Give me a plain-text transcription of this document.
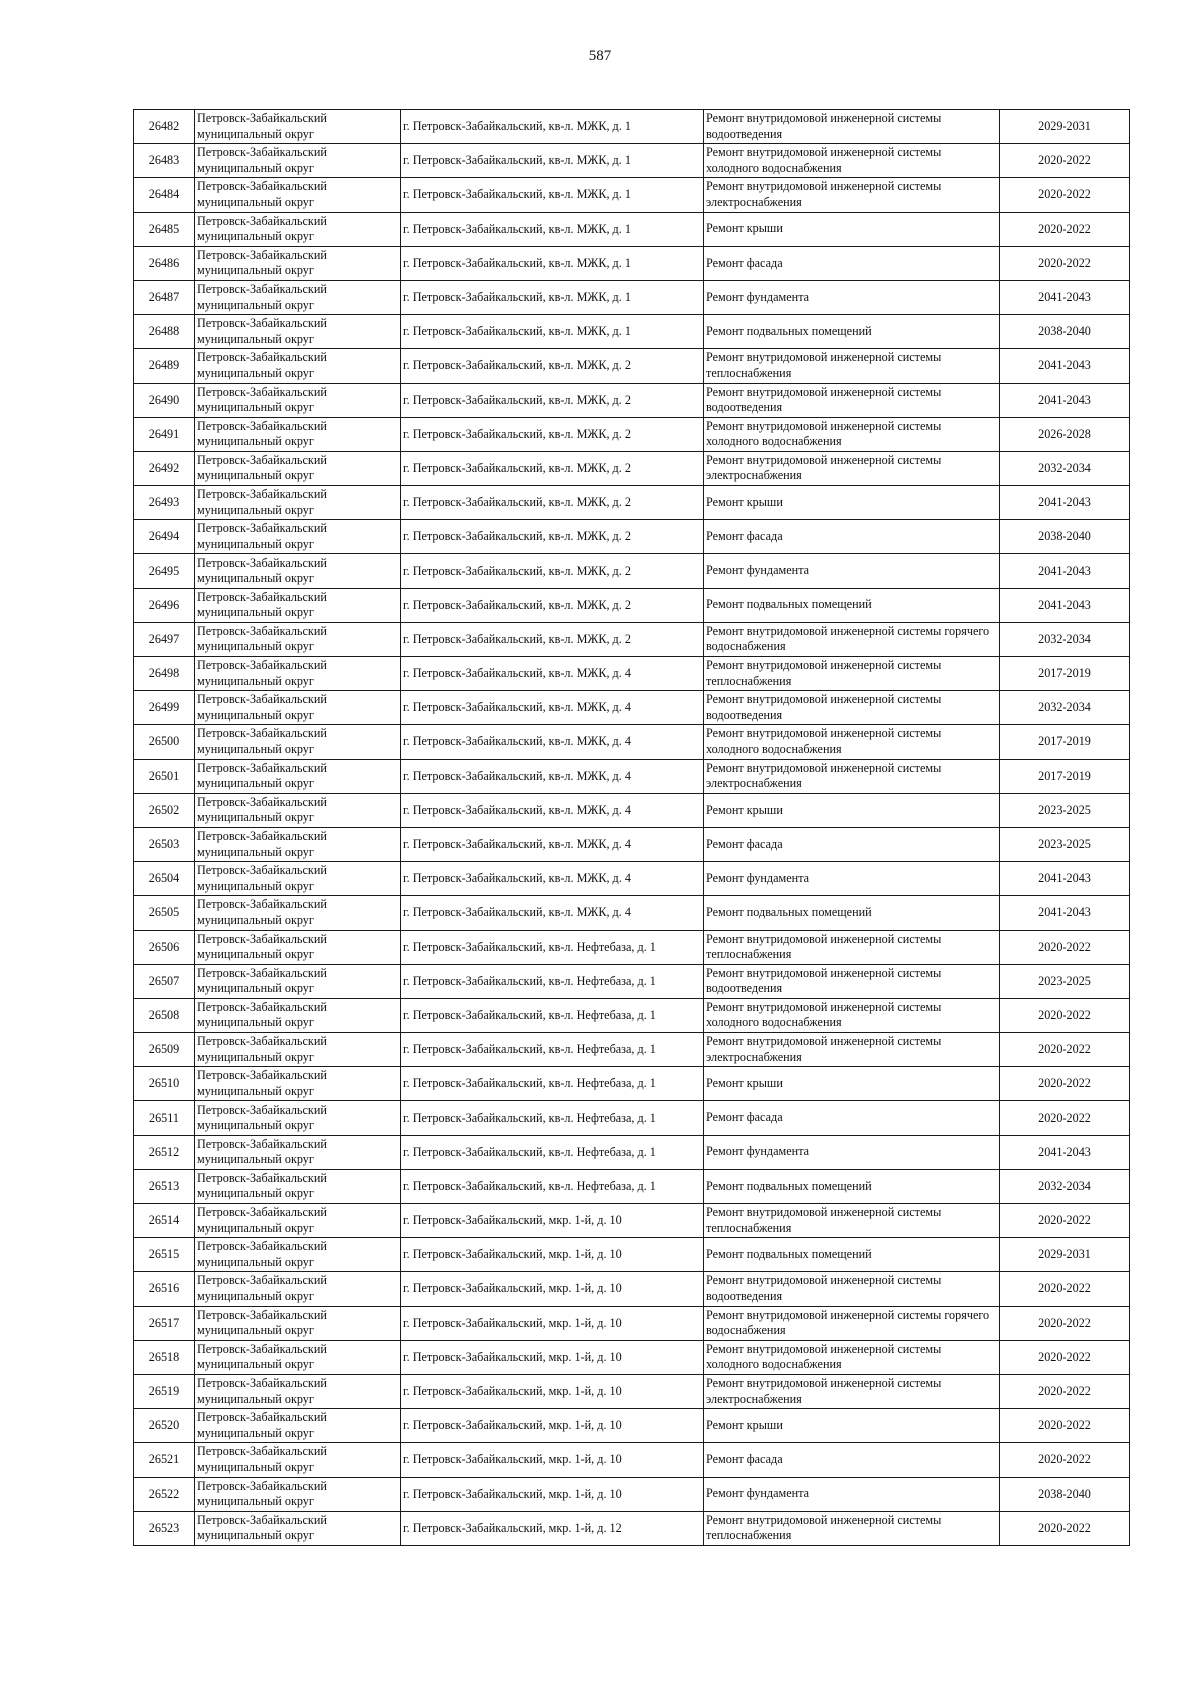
587
26482	Петровск-Забайкальский муниципальный округ	г. Петровск-Забайкальский, кв-л. МЖК, д. 1	Ремонт внутридомовой инженерной системы водоотведения	2029-2031
26483	Петровск-Забайкальский муниципальный округ	г. Петровск-Забайкальский, кв-л. МЖК, д. 1	Ремонт внутридомовой инженерной системы холодного водоснабжения	2020-2022
26484	Петровск-Забайкальский муниципальный округ	г. Петровск-Забайкальский, кв-л. МЖК, д. 1	Ремонт внутридомовой инженерной системы электроснабжения	2020-2022
26485	Петровск-Забайкальский муниципальный округ	г. Петровск-Забайкальский, кв-л. МЖК, д. 1	Ремонт крыши	2020-2022
26486	Петровск-Забайкальский муниципальный округ	г. Петровск-Забайкальский, кв-л. МЖК, д. 1	Ремонт фасада	2020-2022
26487	Петровск-Забайкальский муниципальный округ	г. Петровск-Забайкальский, кв-л. МЖК, д. 1	Ремонт фундамента	2041-2043
26488	Петровск-Забайкальский муниципальный округ	г. Петровск-Забайкальский, кв-л. МЖК, д. 1	Ремонт подвальных помещений	2038-2040
26489	Петровск-Забайкальский муниципальный округ	г. Петровск-Забайкальский, кв-л. МЖК, д. 2	Ремонт внутридомовой инженерной системы теплоснабжения	2041-2043
26490	Петровск-Забайкальский муниципальный округ	г. Петровск-Забайкальский, кв-л. МЖК, д. 2	Ремонт внутридомовой инженерной системы водоотведения	2041-2043
26491	Петровск-Забайкальский муниципальный округ	г. Петровск-Забайкальский, кв-л. МЖК, д. 2	Ремонт внутридомовой инженерной системы холодного водоснабжения	2026-2028
26492	Петровск-Забайкальский муниципальный округ	г. Петровск-Забайкальский, кв-л. МЖК, д. 2	Ремонт внутридомовой инженерной системы электроснабжения	2032-2034
26493	Петровск-Забайкальский муниципальный округ	г. Петровск-Забайкальский, кв-л. МЖК, д. 2	Ремонт крыши	2041-2043
26494	Петровск-Забайкальский муниципальный округ	г. Петровск-Забайкальский, кв-л. МЖК, д. 2	Ремонт фасада	2038-2040
26495	Петровск-Забайкальский муниципальный округ	г. Петровск-Забайкальский, кв-л. МЖК, д. 2	Ремонт фундамента	2041-2043
26496	Петровск-Забайкальский муниципальный округ	г. Петровск-Забайкальский, кв-л. МЖК, д. 2	Ремонт подвальных помещений	2041-2043
26497	Петровск-Забайкальский муниципальный округ	г. Петровск-Забайкальский, кв-л. МЖК, д. 2	Ремонт внутридомовой инженерной системы горячего водоснабжения	2032-2034
26498	Петровск-Забайкальский муниципальный округ	г. Петровск-Забайкальский, кв-л. МЖК, д. 4	Ремонт внутридомовой инженерной системы теплоснабжения	2017-2019
26499	Петровск-Забайкальский муниципальный округ	г. Петровск-Забайкальский, кв-л. МЖК, д. 4	Ремонт внутридомовой инженерной системы водоотведения	2032-2034
26500	Петровск-Забайкальский муниципальный округ	г. Петровск-Забайкальский, кв-л. МЖК, д. 4	Ремонт внутридомовой инженерной системы холодного водоснабжения	2017-2019
26501	Петровск-Забайкальский муниципальный округ	г. Петровск-Забайкальский, кв-л. МЖК, д. 4	Ремонт внутридомовой инженерной системы электроснабжения	2017-2019
26502	Петровск-Забайкальский муниципальный округ	г. Петровск-Забайкальский, кв-л. МЖК, д. 4	Ремонт крыши	2023-2025
26503	Петровск-Забайкальский муниципальный округ	г. Петровск-Забайкальский, кв-л. МЖК, д. 4	Ремонт фасада	2023-2025
26504	Петровск-Забайкальский муниципальный округ	г. Петровск-Забайкальский, кв-л. МЖК, д. 4	Ремонт фундамента	2041-2043
26505	Петровск-Забайкальский муниципальный округ	г. Петровск-Забайкальский, кв-л. МЖК, д. 4	Ремонт подвальных помещений	2041-2043
26506	Петровск-Забайкальский муниципальный округ	г. Петровск-Забайкальский, кв-л. Нефтебаза, д. 1	Ремонт внутридомовой инженерной системы теплоснабжения	2020-2022
26507	Петровск-Забайкальский муниципальный округ	г. Петровск-Забайкальский, кв-л. Нефтебаза, д. 1	Ремонт внутридомовой инженерной системы водоотведения	2023-2025
26508	Петровск-Забайкальский муниципальный округ	г. Петровск-Забайкальский, кв-л. Нефтебаза, д. 1	Ремонт внутридомовой инженерной системы холодного водоснабжения	2020-2022
26509	Петровск-Забайкальский муниципальный округ	г. Петровск-Забайкальский, кв-л. Нефтебаза, д. 1	Ремонт внутридомовой инженерной системы электроснабжения	2020-2022
26510	Петровск-Забайкальский муниципальный округ	г. Петровск-Забайкальский, кв-л. Нефтебаза, д. 1	Ремонт крыши	2020-2022
26511	Петровск-Забайкальский муниципальный округ	г. Петровск-Забайкальский, кв-л. Нефтебаза, д. 1	Ремонт фасада	2020-2022
26512	Петровск-Забайкальский муниципальный округ	г. Петровск-Забайкальский, кв-л. Нефтебаза, д. 1	Ремонт фундамента	2041-2043
26513	Петровск-Забайкальский муниципальный округ	г. Петровск-Забайкальский, кв-л. Нефтебаза, д. 1	Ремонт подвальных помещений	2032-2034
26514	Петровск-Забайкальский муниципальный округ	г. Петровск-Забайкальский, мкр. 1-й, д. 10	Ремонт внутридомовой инженерной системы теплоснабжения	2020-2022
26515	Петровск-Забайкальский муниципальный округ	г. Петровск-Забайкальский, мкр. 1-й, д. 10	Ремонт подвальных помещений	2029-2031
26516	Петровск-Забайкальский муниципальный округ	г. Петровск-Забайкальский, мкр. 1-й, д. 10	Ремонт внутридомовой инженерной системы водоотведения	2020-2022
26517	Петровск-Забайкальский муниципальный округ	г. Петровск-Забайкальский, мкр. 1-й, д. 10	Ремонт внутридомовой инженерной системы горячего водоснабжения	2020-2022
26518	Петровск-Забайкальский муниципальный округ	г. Петровск-Забайкальский, мкр. 1-й, д. 10	Ремонт внутридомовой инженерной системы холодного водоснабжения	2020-2022
26519	Петровск-Забайкальский муниципальный округ	г. Петровск-Забайкальский, мкр. 1-й, д. 10	Ремонт внутридомовой инженерной системы электроснабжения	2020-2022
26520	Петровск-Забайкальский муниципальный округ	г. Петровск-Забайкальский, мкр. 1-й, д. 10	Ремонт крыши	2020-2022
26521	Петровск-Забайкальский муниципальный округ	г. Петровск-Забайкальский, мкр. 1-й, д. 10	Ремонт фасада	2020-2022
26522	Петровск-Забайкальский муниципальный округ	г. Петровск-Забайкальский, мкр. 1-й, д. 10	Ремонт фундамента	2038-2040
26523	Петровск-Забайкальский муниципальный округ	г. Петровск-Забайкальский, мкр. 1-й, д. 12	Ремонт внутридомовой инженерной системы теплоснабжения	2020-2022
